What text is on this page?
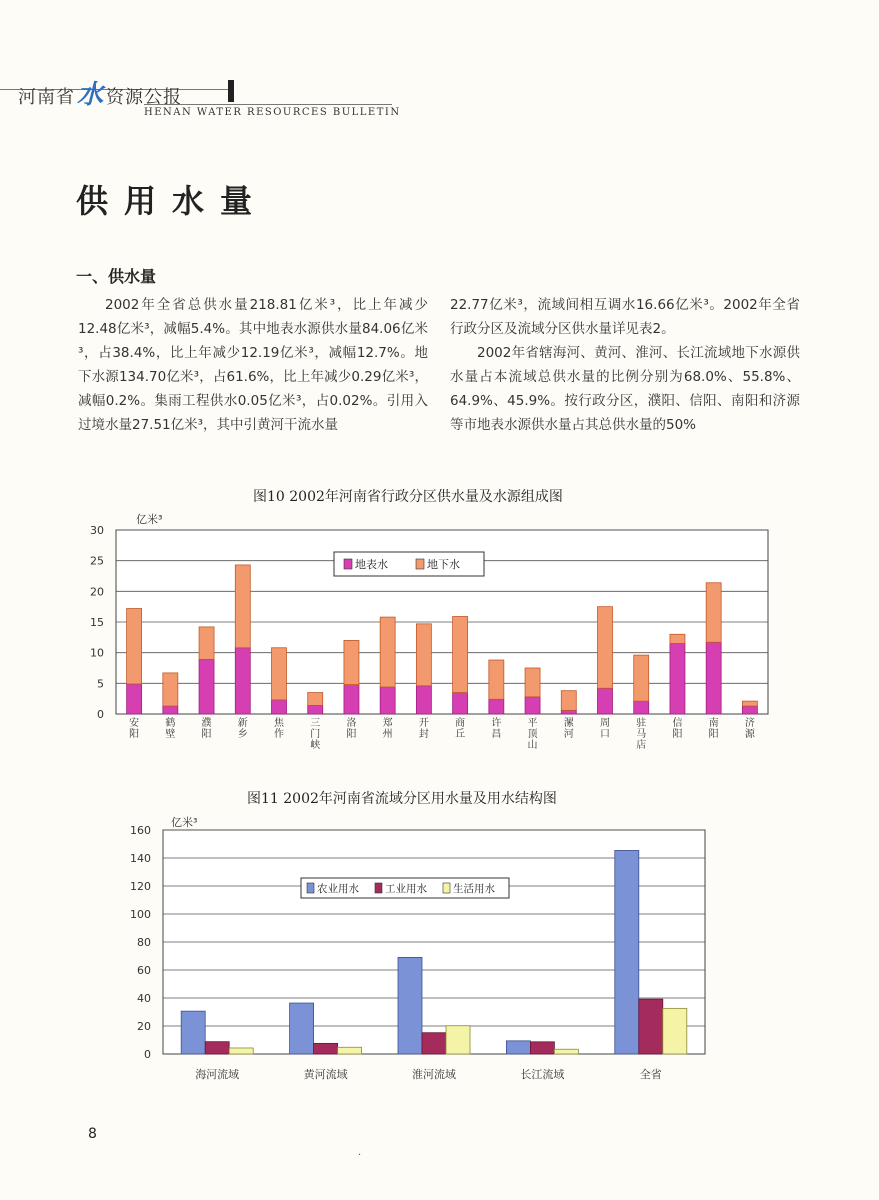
河南省水 资源公报
HENAN WATER RESOURCES BULLETIN
供用水量
一、供水量

2002年全省总供水量218.81亿米³，比上年减少12.48亿米³，减幅5.4%。其中地表水源供水量84.06亿米³，占38.4%，比上年减少12.19亿米³，减幅12.7%。地下水源134.70亿米³，占61.6%，比上年减少0.29亿米³，减幅0.2%。集雨工程供水0.05亿米³，占0.02%。引用入过境水量27.51亿米³，其中引黄河干流水量

22.77亿米³，流域间相互调水16.66亿米³。2002年全省行政分区及流域分区供水量详见表2。

2002年省辖海河、黄河、淮河、长江流域地下水源供水量占本流域总供水量的比例分别为68.0%、55.8%、64.9%、45.9%。按行政分区，濮阳、信阳、南阳和济源等市地表水源供水量占其总供水量的50%

图10 2002年河南省行政分区供水量及水源组成图

0
5
10
15
20
25
30
亿米³
安阳
鹤壁
濮阳
新乡
焦作
三门峡
洛阳
郑州
开封
商丘
许昌
平顶山
漯河
周口
驻马店
信阳
南阳
济源
地表水	地下水

图11 2002年河南省流域分区用水量及用水结构图

0
20
40
60
80
100
120
140
160
亿米³
海河流域	黄河流域	淮河流域	长江流域	全省
农业用水 工业用水 生活用水
8
·
